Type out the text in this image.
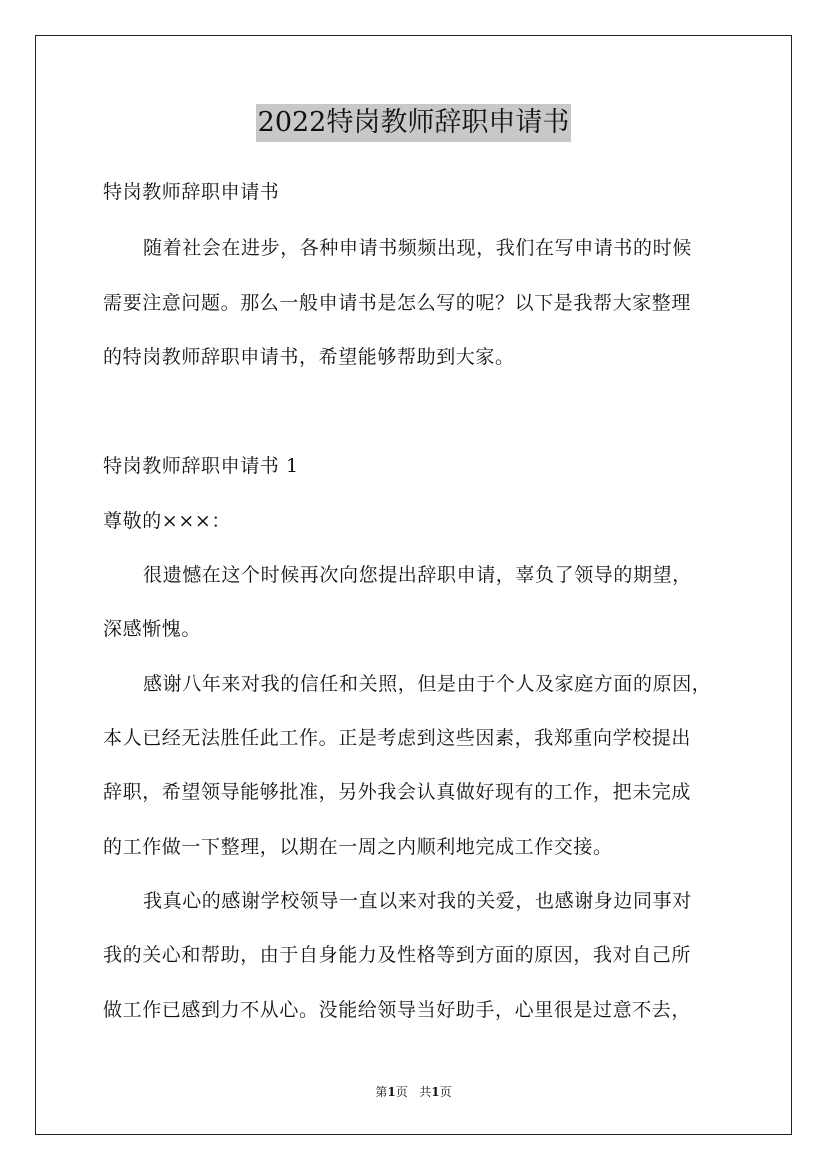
2022特岗教师辞职申请书
特岗教师辞职申请书
随着社会在进步，各种申请书频频出现，我们在写申请书的时候
需要注意问题。那么一般申请书是怎么写的呢？以下是我帮大家整理
的特岗教师辞职申请书，希望能够帮助到大家。
特岗教师辞职申请书 1
尊敬的×××：
很遗憾在这个时候再次向您提出辞职申请，辜负了领导的期望，
深感惭愧。
感谢八年来对我的信任和关照，但是由于个人及家庭方面的原因，
本人已经无法胜任此工作。正是考虑到这些因素，我郑重向学校提出
辞职，希望领导能够批准，另外我会认真做好现有的工作，把未完成
的工作做一下整理，以期在一周之内顺利地完成工作交接。
我真心的感谢学校领导一直以来对我的关爱，也感谢身边同事对
我的关心和帮助，由于自身能力及性格等到方面的原因，我对自己所
做工作已感到力不从心。没能给领导当好助手，心里很是过意不去，
第1页 共1页
